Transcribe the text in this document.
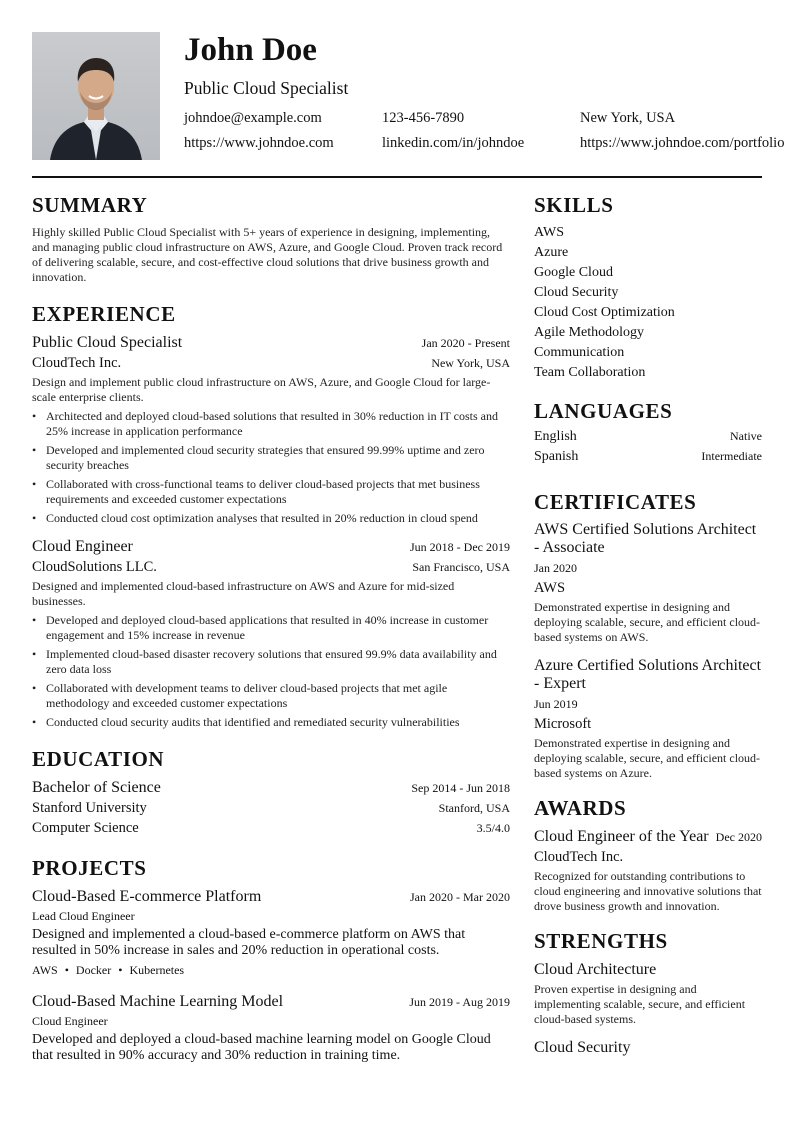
John Doe
Public Cloud Specialist
johndoe@example.com	123-456-7890	New York, USA
https://www.johndoe.com	linkedin.com/in/johndoe	https://www.johndoe.com/portfolio
SUMMARY

Highly skilled Public Cloud Specialist with 5+ years of experience in designing, implementing, and managing public cloud infrastructure on AWS, Azure, and Google Cloud. Proven track record of delivering scalable, secure, and cost-effective cloud solutions that drive business growth and innovation.

EXPERIENCE
Public Cloud Specialist	Jan 2020 - Present
CloudTech Inc.	New York, USA

Design and implement public cloud infrastructure on AWS, Azure, and Google Cloud for large-scale enterprise clients.

• Architected and deployed cloud-based solutions that resulted in 30% reduction in IT costs and 25% increase in application performance
• Developed and implemented cloud security strategies that ensured 99.99% uptime and zero security breaches
• Collaborated with cross-functional teams to deliver cloud-based projects that met business requirements and exceeded customer expectations
• Conducted cloud cost optimization analyses that resulted in 20% reduction in cloud spend
Cloud Engineer	Jun 2018 - Dec 2019
CloudSolutions LLC.	San Francisco, USA

Designed and implemented cloud-based infrastructure on AWS and Azure for mid-sized businesses.

• Developed and deployed cloud-based applications that resulted in 40% increase in customer engagement and 15% increase in revenue
• Implemented cloud-based disaster recovery solutions that ensured 99.9% data availability and zero data loss
• Collaborated with development teams to deliver cloud-based projects that met agile methodology and exceeded customer expectations
• Conducted cloud security audits that identified and remediated security vulnerabilities
EDUCATION
Bachelor of Science	Sep 2014 - Jun 2018
Stanford University	Stanford, USA
Computer Science	3.5/4.0
PROJECTS
Cloud-Based E-commerce Platform	Jan 2020 - Mar 2020
Lead Cloud Engineer

Designed and implemented a cloud-based e-commerce platform on AWS that resulted in 50% increase in sales and 20% reduction in operational costs.

AWS • Docker • Kubernetes
Cloud-Based Machine Learning Model	Jun 2019 - Aug 2019
Cloud Engineer

Developed and deployed a cloud-based machine learning model on Google Cloud that resulted in 90% accuracy and 30% reduction in training time.

SKILLS
AWS
Azure
Google Cloud
Cloud Security
Cloud Cost Optimization
Agile Methodology
Communication
Team Collaboration
LANGUAGES
English	Native
Spanish	Intermediate
CERTIFICATES
AWS Certified Solutions Architect - Associate
Jan 2020
AWS

Demonstrated expertise in designing and deploying scalable, secure, and efficient cloud-based systems on AWS.

Azure Certified Solutions Architect - Expert
Jun 2019
Microsoft

Demonstrated expertise in designing and deploying scalable, secure, and efficient cloud-based systems on Azure.

AWARDS
Cloud Engineer of the Year Dec 2020
CloudTech Inc.

Recognized for outstanding contributions to cloud engineering and innovative solutions that drove business growth and innovation.

STRENGTHS
Cloud Architecture

Proven expertise in designing and implementing scalable, secure, and efficient cloud-based systems.

Cloud Security
